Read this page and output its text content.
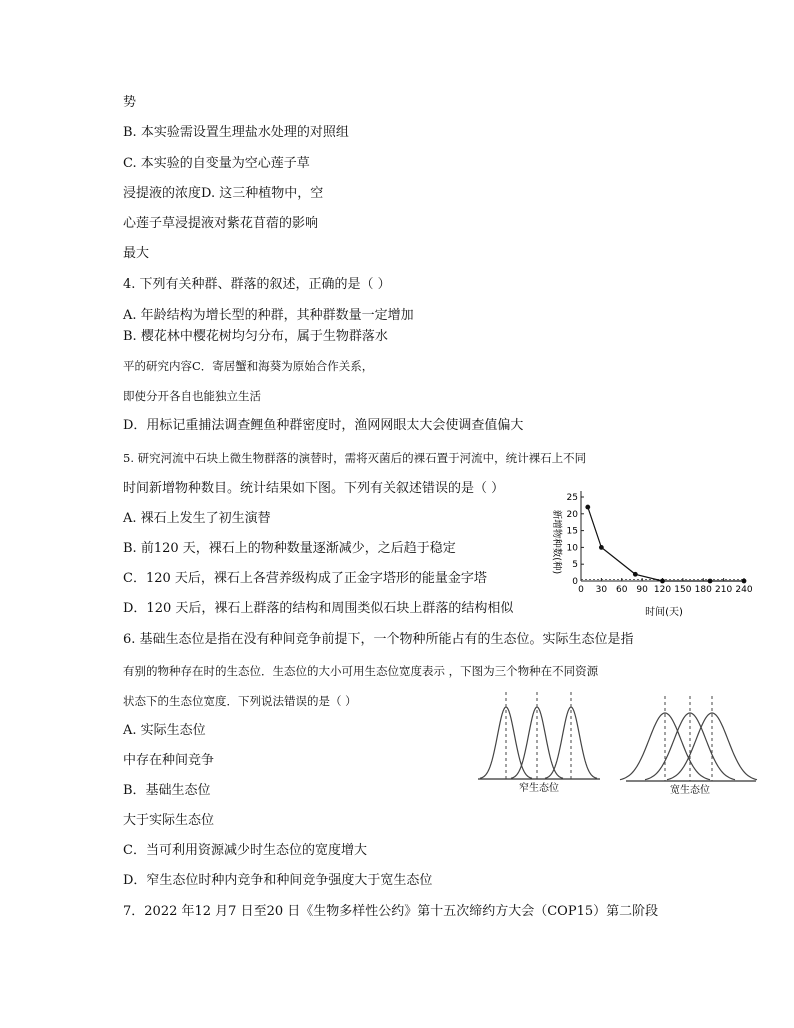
势
B. 本实验需设置生理盐水处理的对照组
C. 本实验的自变量为空心莲子草
浸提液的浓度D. 这三种植物中，空
心莲子草浸提液对紫花苜蓿的影响
最大
4. 下列有关种群、群落的叙述，正确的是（ ）
A. 年龄结构为增长型的种群，其种群数量一定增加
B. 樱花林中樱花树均匀分布，属于生物群落水
平的研究内容C．寄居蟹和海葵为原始合作关系，
即使分开各自也能独立生活
D．用标记重捕法调查鲤鱼种群密度时，渔网网眼太大会使调查值偏大
5. 研究河流中石块上微生物群落的演替时，需将灭菌后的裸石置于河流中，统计裸石上不同
时间新增物种数目。统计结果如下图。下列有关叙述错误的是（ ）
A. 裸石上发生了初生演替
B. 前120 天，裸石上的物种数量逐渐减少，之后趋于稳定
C．120 天后，裸石上各营养级构成了正金字塔形的能量金字塔
D．120 天后，裸石上群落的结构和周围类似石块上群落的结构相似
6. 基础生态位是指在没有种间竞争前提下，一个物种所能占有的生态位。实际生态位是指
有别的物种存在时的生态位．生态位的大小可用生态位宽度表示 ，下图为三个物种在不同资源
状态下的生态位宽度．下列说法错误的是（ ）
A. 实际生态位
中存在种间竞争
B．基础生态位
大于实际生态位
C．当可利用资源减少时生态位的宽度增大
D．窄生态位时种内竞争和种间竞争强度大于宽生态位
7．2022 年12 月7 日至20 日《生物多样性公约》第十五次缔约方大会（COP15）第二阶段
0 30 60 90 120 150 180 210 240
0
5
10
15
20
25
时间(天)
新增物种数(种)
窄生态位	宽生态位
